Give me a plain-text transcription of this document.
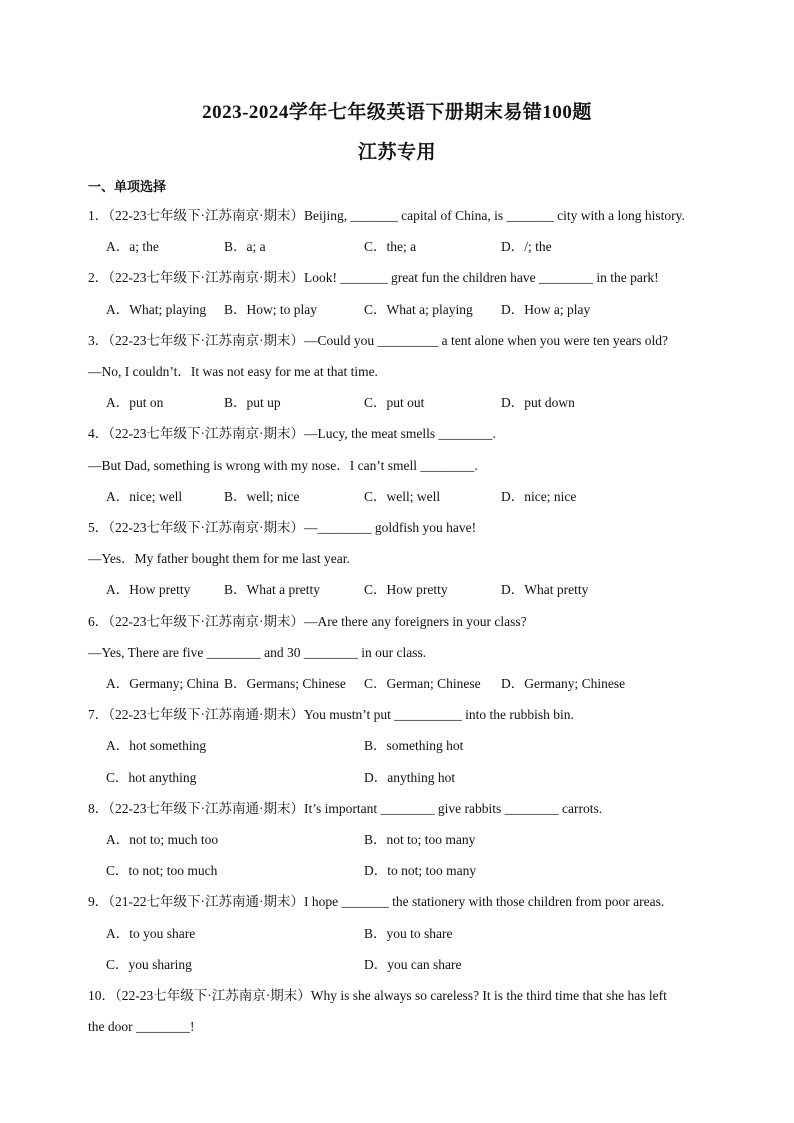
2023-2024学年七年级英语下册期末易错100题
江苏专用
一、单项选择
1．（22-23七年级下·江苏南京·期末）Beijing, _______ capital of China, is _______ city with a long history.
A．a; the	B．a; a	C．the; a	D．/; the
2．（22-23七年级下·江苏南京·期末）Look! _______ great fun the children have ________ in the park!
A．What; playing B．How; to play	C．What a; playing D．How a; play
3．（22-23七年级下·江苏南京·期末）—Could you _________ a tent alone when you were ten years old?
—No, I couldn’t．It was not easy for me at that time.
A．put on	B．put up	C．put out	D．put down
4．（22-23七年级下·江苏南京·期末）—Lucy, the meat smells ________.
—But Dad, something is wrong with my nose．I can’t smell ________.
A．nice; well	B．well; nice	C．well; well	D．nice; nice
5．（22-23七年级下·江苏南京·期末）—________ goldfish you have!
—Yes．My father bought them for me last year.
A．How pretty B．What a pretty	C．How pretty	D．What pretty
6．（22-23七年级下·江苏南京·期末）—Are there any foreigners in your class?
—Yes, There are five ________ and 30 ________ in our class.
A．Germany; China B．Germans; Chinese C．German; Chinese D．Germany; Chinese
7．（22-23七年级下·江苏南通·期末）You mustn’t put __________ into the rubbish bin.
A．hot something	B．something hot
C．hot anything	D．anything hot
8．（22-23七年级下·江苏南通·期末）It’s important ________ give rabbits ________ carrots.
A．not to; much too	B．not to; too many
C．to not; too much	D．to not; too many
9．（21-22七年级下·江苏南通·期末）I hope _______ the stationery with those children from poor areas.
A．to you share	B．you to share
C．you sharing	D．you can share
10．（22-23七年级下·江苏南京·期末）Why is she always so careless? It is the third time that she has left
the door ________!
